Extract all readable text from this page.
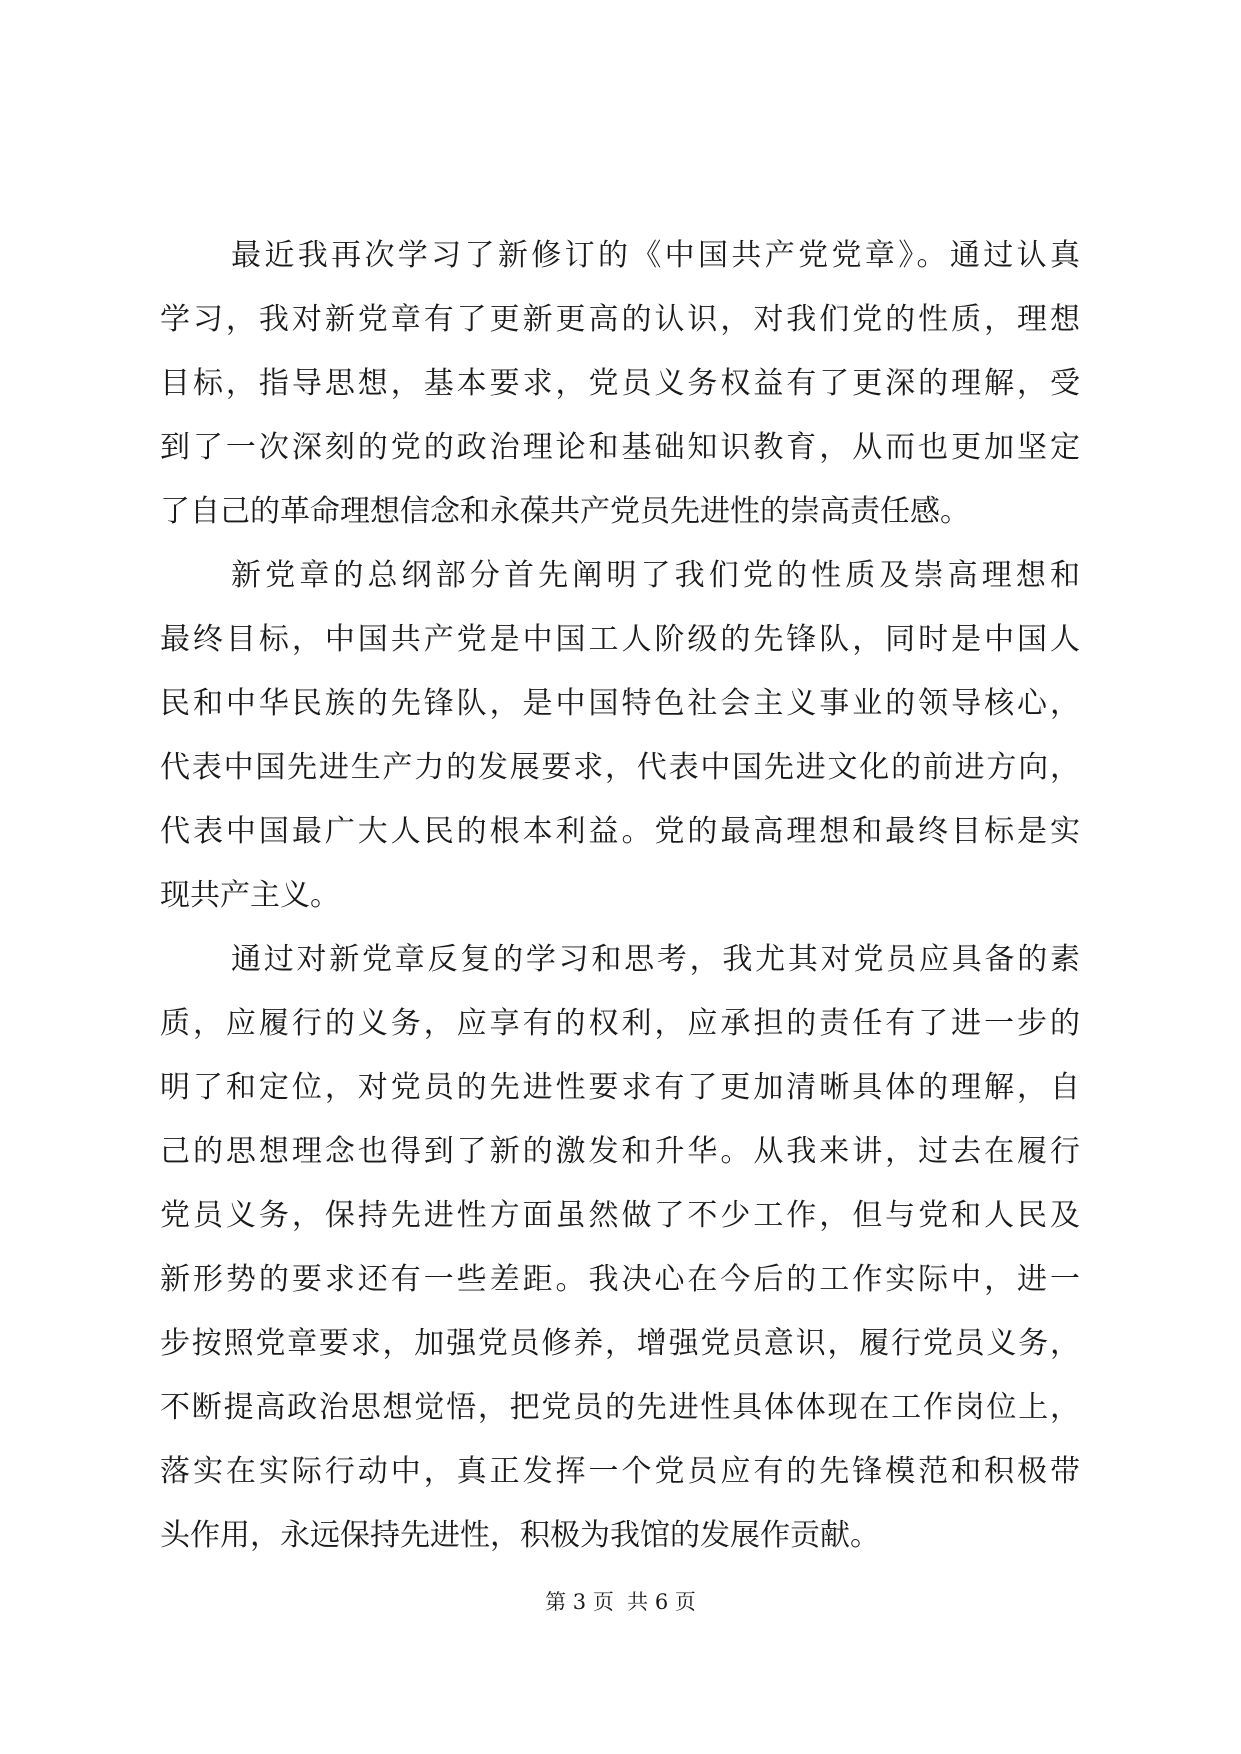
最近我再次学习了新修订的《中国共产党党章》。通过认真
学习，我对新党章有了更新更高的认识，对我们党的性质，理想
目标，指导思想，基本要求，党员义务权益有了更深的理解，受
到了一次深刻的党的政治理论和基础知识教育，从而也更加坚定
了自己的革命理想信念和永葆共产党员先进性的崇高责任感。
新党章的总纲部分首先阐明了我们党的性质及崇高理想和
最终目标，中国共产党是中国工人阶级的先锋队，同时是中国人
民和中华民族的先锋队，是中国特色社会主义事业的领导核心，
代表中国先进生产力的发展要求，代表中国先进文化的前进方向，
代表中国最广大人民的根本利益。党的最高理想和最终目标是实
现共产主义。
通过对新党章反复的学习和思考，我尤其对党员应具备的素
质，应履行的义务，应享有的权利，应承担的责任有了进一步的
明了和定位，对党员的先进性要求有了更加清晰具体的理解，自
己的思想理念也得到了新的激发和升华。从我来讲，过去在履行
党员义务，保持先进性方面虽然做了不少工作，但与党和人民及
新形势的要求还有一些差距。我决心在今后的工作实际中，进一
步按照党章要求，加强党员修养，增强党员意识，履行党员义务，
不断提高政治思想觉悟，把党员的先进性具体体现在工作岗位上，
落实在实际行动中，真正发挥一个党员应有的先锋模范和积极带
头作用，永远保持先进性，积极为我馆的发展作贡献。
第 3 页  共 6 页
